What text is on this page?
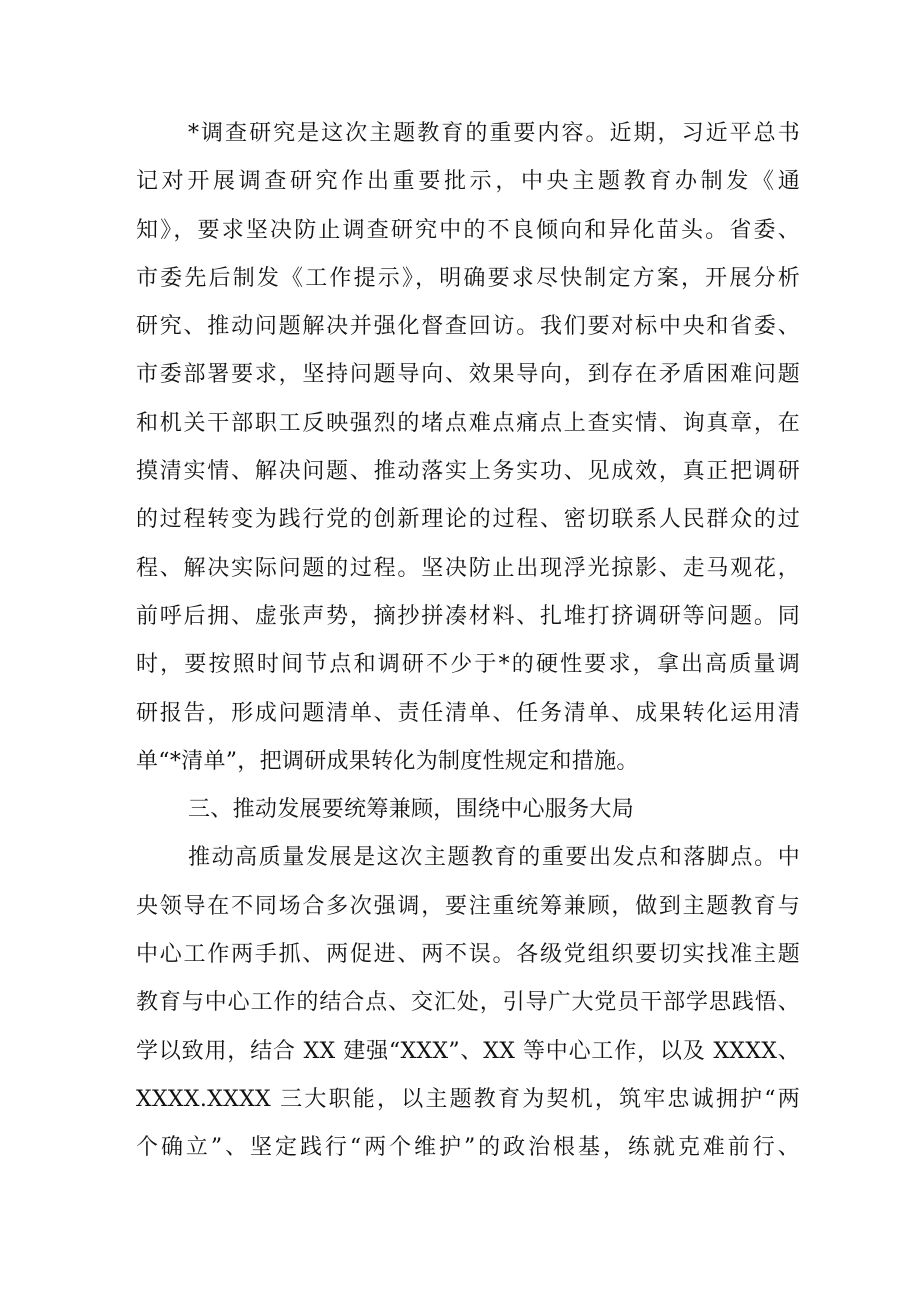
*调查研究是这次主题教育的重要内容。近期，习近平总书
记对开展调查研究作出重要批示，中央主题教育办制发《通
知》，要求坚决防止调查研究中的不良倾向和异化苗头。省委、
市委先后制发《工作提示》，明确要求尽快制定方案，开展分析
研究、推动问题解决并强化督查回访。我们要对标中央和省委、
市委部署要求，坚持问题导向、效果导向，到存在矛盾困难问题
和机关干部职工反映强烈的堵点难点痛点上查实情、询真章，在
摸清实情、解决问题、推动落实上务实功、见成效，真正把调研
的过程转变为践行党的创新理论的过程、密切联系人民群众的过
程、解决实际问题的过程。坚决防止出现浮光掠影、走马观花，
前呼后拥、虚张声势，摘抄拼凑材料、扎堆打挤调研等问题。同
时，要按照时间节点和调研不少于*的硬性要求，拿出高质量调
研报告，形成问题清单、责任清单、任务清单、成果转化运用清
单“*清单”，把调研成果转化为制度性规定和措施。
三、推动发展要统筹兼顾，围绕中心服务大局
推动高质量发展是这次主题教育的重要出发点和落脚点。中
央领导在不同场合多次强调，要注重统筹兼顾，做到主题教育与
中心工作两手抓、两促进、两不误。各级党组织要切实找准主题
教育与中心工作的结合点、交汇处，引导广大党员干部学思践悟、
学以致用，结合 XX 建强“XXX”、XX 等中心工作，以及 XXXX、
XXXX.XXXX 三大职能，以主题教育为契机，筑牢忠诚拥护“两
个确立”、坚定践行“两个维护”的政治根基，练就克难前行、
